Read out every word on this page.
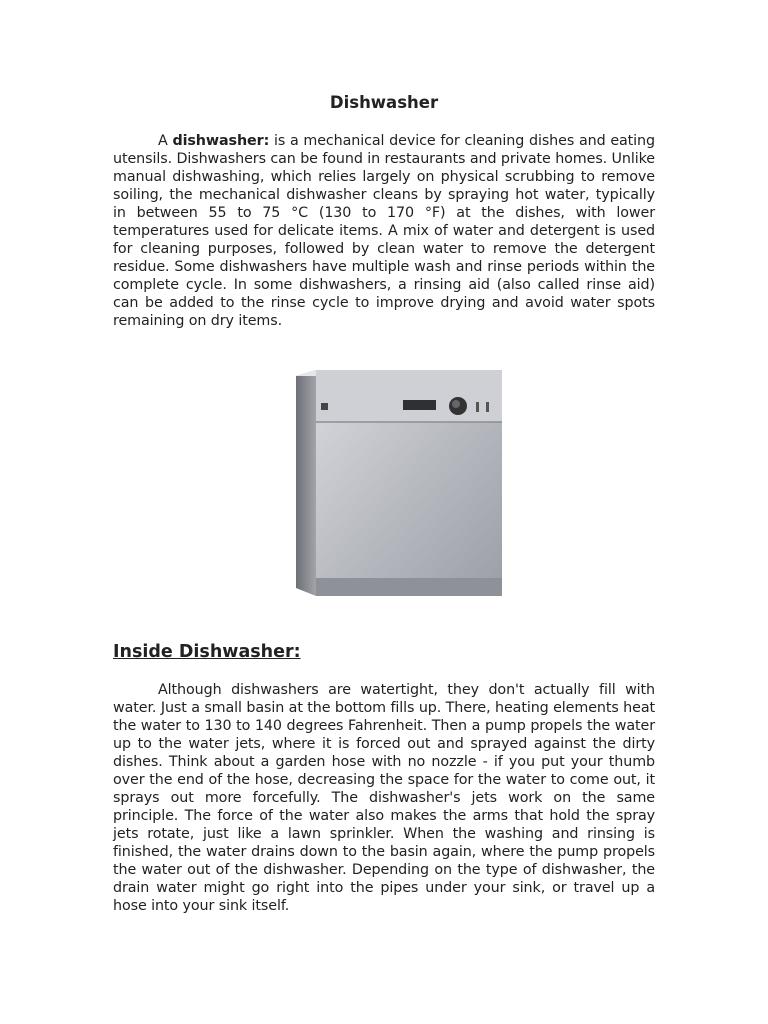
Dishwasher

A dishwasher: is a mechanical device for cleaning dishes and eating utensils. Dishwashers can be found in restaurants and private homes. Unlike manual dishwashing, which relies largely on physical scrubbing to remove soiling, the mechanical dishwasher cleans by spraying hot water, typically in between 55 to 75 °C (130 to 170 °F) at the dishes, with lower temperatures used for delicate items. A mix of water and detergent is used for cleaning purposes, followed by clean water to remove the detergent residue. Some dishwashers have multiple wash and rinse periods within the complete cycle. In some dishwashers, a rinsing aid (also called rinse aid) can be added to the rinse cycle to improve drying and avoid water spots remaining on dry items.

Inside Dishwasher:

Although dishwashers are watertight, they don't actually fill with water. Just a small basin at the bottom fills up. There, heating elements heat the water to 130 to 140 degrees Fahrenheit. Then a pump propels the water up to the water jets, where it is forced out and sprayed against the dirty dishes. Think about a garden hose with no nozzle - if you put your thumb over the end of the hose, decreasing the space for the water to come out, it sprays out more forcefully. The dishwasher's jets work on the same principle. The force of the water also makes the arms that hold the spray jets rotate, just like a lawn sprinkler. When the washing and rinsing is finished, the water drains down to the basin again, where the pump propels the water out of the dishwasher. Depending on the type of dishwasher, the drain water might go right into the pipes under your sink, or travel up a hose into your sink itself.
